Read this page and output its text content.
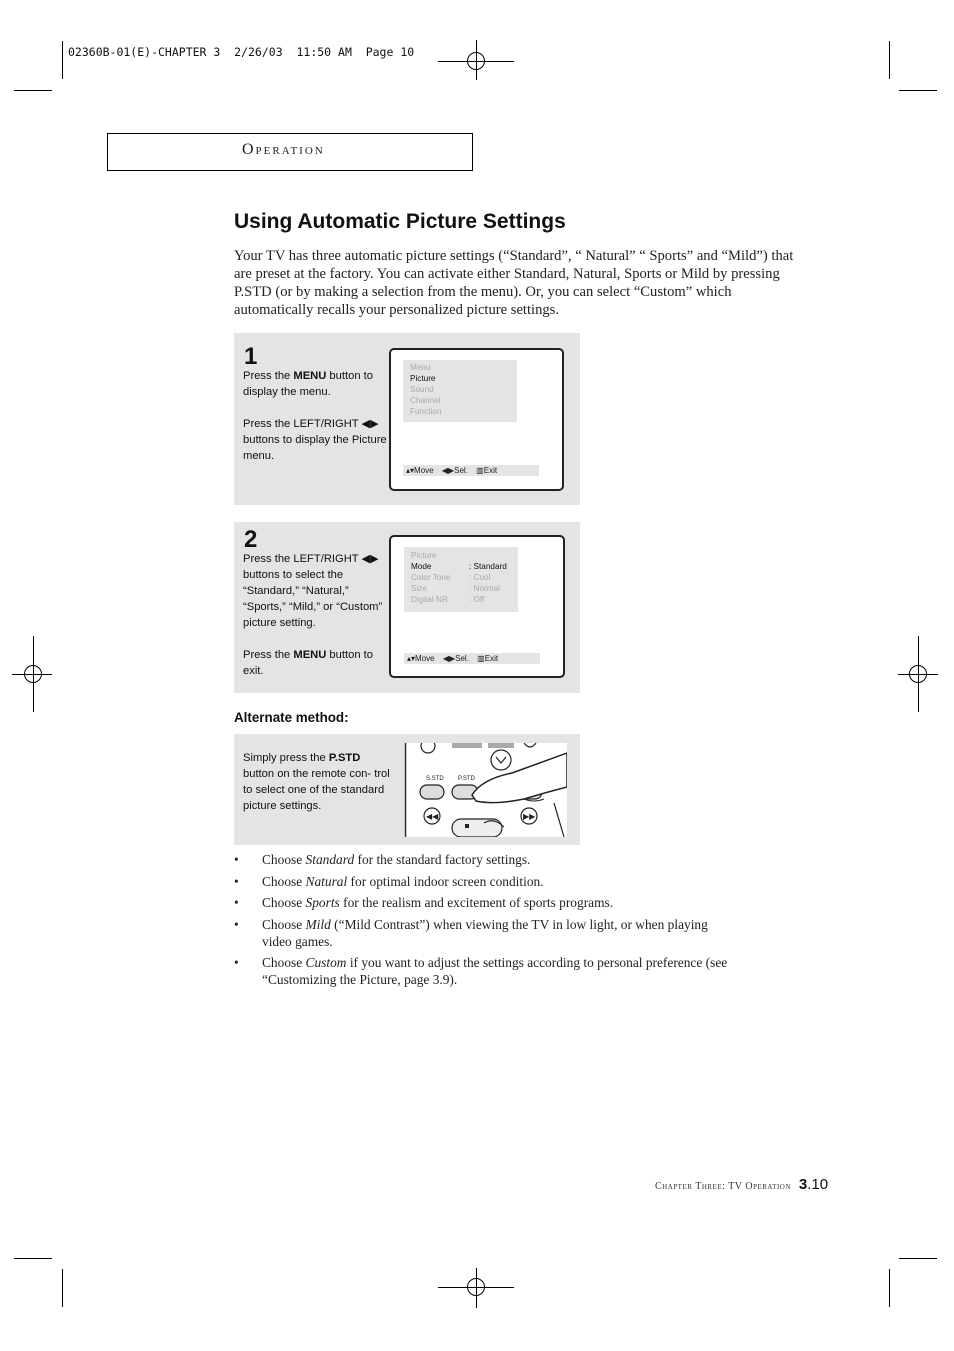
02360B-01(E)-CHAPTER 3  2/26/03  11:50 AM  Page 10
Operation
Using Automatic Picture Settings

Your TV has three automatic picture settings (“Standard”, “ Natural” “ Sports” and “Mild”) that are preset at the factory. You can activate either Standard, Natural, Sports or Mild by pressing P.STD (or by making a selection from the menu). Or, you can select “Custom” which automatically recalls your personalized picture settings.

1

Press the MENU button to display the menu.

Press the LEFT/RIGHT ◀▶ buttons to display the Picture menu.

Menu
Picture
Sound
Channel
Function
▴▾Move ◀▶Sel. ▥Exit
2

Press the LEFT/RIGHT ◀▶ buttons to select the “Standard,” “Natural,” “Sports,” “Mild,” or “Custom” picture setting.

Press the MENU button to exit.

Picture
Mode	: Standard
Color Tone : Cool
Size	: Normal
Digital NR	: Off
▴▾Move ◀▶Sel. ▥Exit
Alternate method:
Simply press the P.STD button on the remote con- trol to select one of the standard picture settings.
S.STD P.STD
◀◀	▶▶
• Choose Standard for the standard factory settings.
• Choose Natural for optimal indoor screen condition.
• Choose Sports for the realism and excitement of sports programs.
• Choose Mild (“Mild Contrast”) when viewing the TV in low light, or when playing video games.
• Choose Custom if you want to adjust the settings according to personal preference (see “Customizing the Picture, page 3.9).
Chapter Three: TV Operation 3.10
